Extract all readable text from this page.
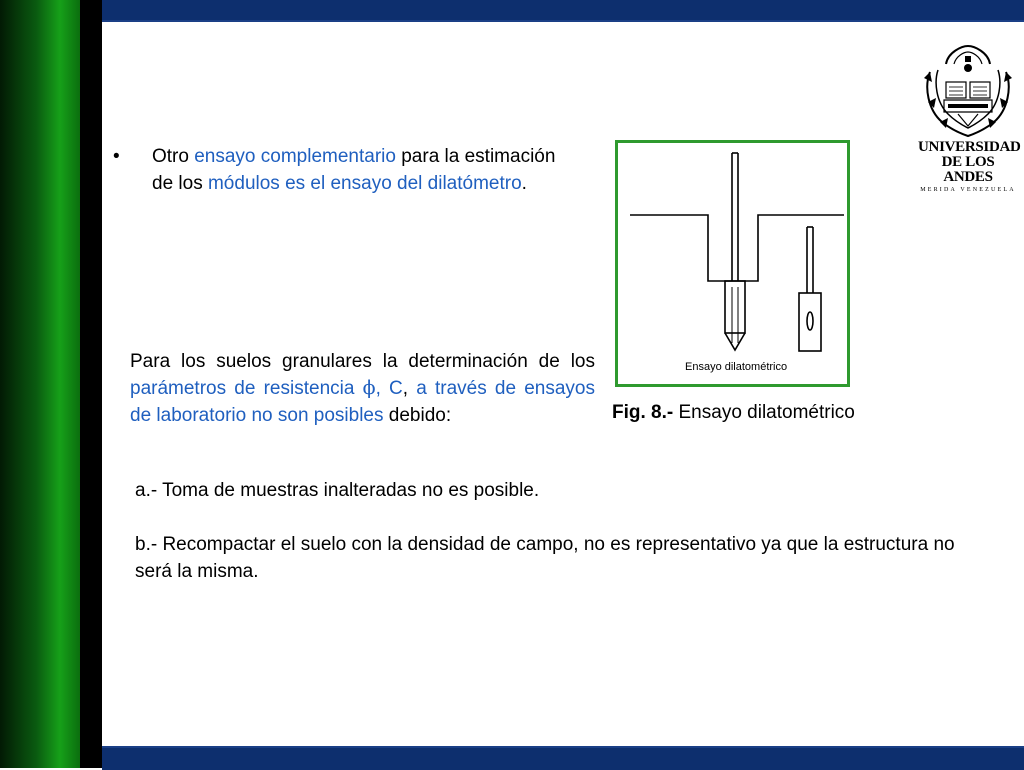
• Otro ensayo complementario para la estimación de los módulos es el ensayo del dilatómetro.
Para los suelos granulares la determinación de los parámetros de resistencia ϕ, C, a través de ensayos de laboratorio no son posibles debido:
a.- Toma de muestras inalteradas no es posible.
b.- Recompactar el suelo con la densidad de campo, no es representativo ya que la estructura no será la misma.
Ensayo dilatométrico
Fig. 8.- Ensayo dilatométrico
UNIVERSIDAD
DE LOS ANDES
MERIDA VENEZUELA
